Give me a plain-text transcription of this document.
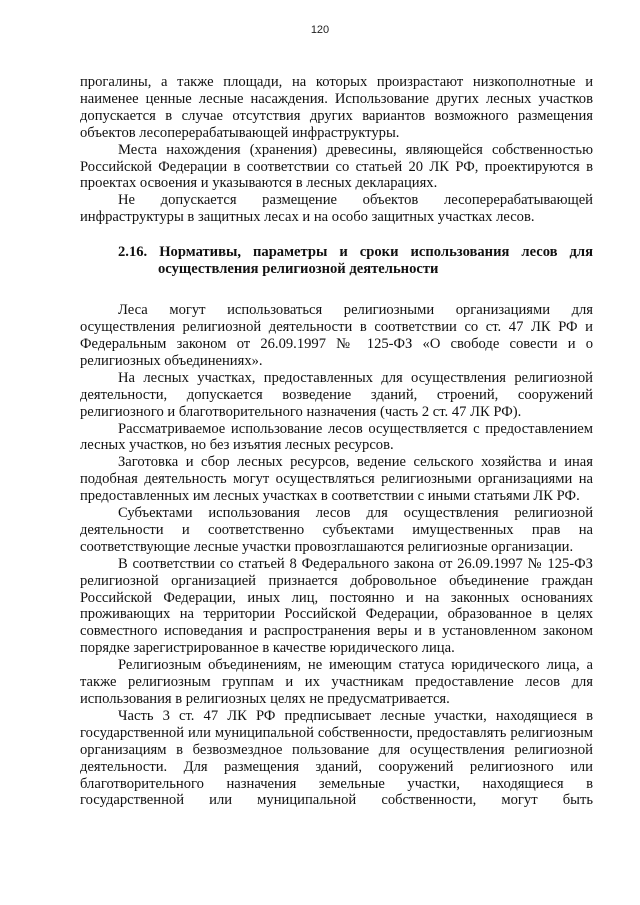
120

прогалины, а также площади, на которых произрастают низкополнотные и наименее ценные лесные насаждения. Использование других лесных участков допускается в случае отсутствия других вариантов возможного размещения объектов лесоперерабатывающей инфраструктуры.

Места нахождения (хранения) древесины, являющейся собственностью Российской Федерации в соответствии со статьей 20 ЛК РФ, проектируются в проектах освоения и указываются в лесных декларациях.

Не допускается размещение объектов лесоперерабатывающей инфраструктуры в защитных лесах и на особо защитных участках лесов.

2.16. Нормативы, параметры и сроки использования лесов для
осуществления религиозной деятельности

Леса могут использоваться религиозными организациями для осуществления религиозной деятельности в соответствии со ст. 47 ЛК РФ и Федеральным законом от 26.09.1997 № 125-ФЗ «О свободе совести и о религиозных объединениях».

На лесных участках, предоставленных для осуществления религиозной деятельности, допускается возведение зданий, строений, сооружений религиозного и благотворительного назначения (часть 2 ст. 47 ЛК РФ).

Рассматриваемое использование лесов осуществляется с предоставлением лесных участков, но без изъятия лесных ресурсов.

Заготовка и сбор лесных ресурсов, ведение сельского хозяйства и иная подобная деятельность могут осуществляться религиозными организациями на предоставленных им лесных участках в соответствии с иными статьями ЛК РФ.

Субъектами использования лесов для осуществления религиозной деятельности и соответственно субъектами имущественных прав на соответствующие лесные участки провозглашаются религиозные организации.

В соответствии со статьей 8 Федерального закона от 26.09.1997 № 125-ФЗ религиозной организацией признается добровольное объединение граждан Российской Федерации, иных лиц, постоянно и на законных основаниях проживающих на территории Российской Федерации, образованное в целях совместного исповедания и распространения веры и в установленном законом порядке зарегистрированное в качестве юридического лица.

Религиозным объединениям, не имеющим статуса юридического лица, а также религиозным группам и их участникам предоставление лесов для использования в религиозных целях не предусматривается.

Часть 3 ст. 47 ЛК РФ предписывает лесные участки, находящиеся в государственной или муниципальной собственности, предоставлять религиозным организациям в безвозмездное пользование для осуществления религиозной деятельности. Для размещения зданий, сооружений религиозного или благотворительного назначения земельные участки, находящиеся в государственной или муниципальной собственности, могут быть
